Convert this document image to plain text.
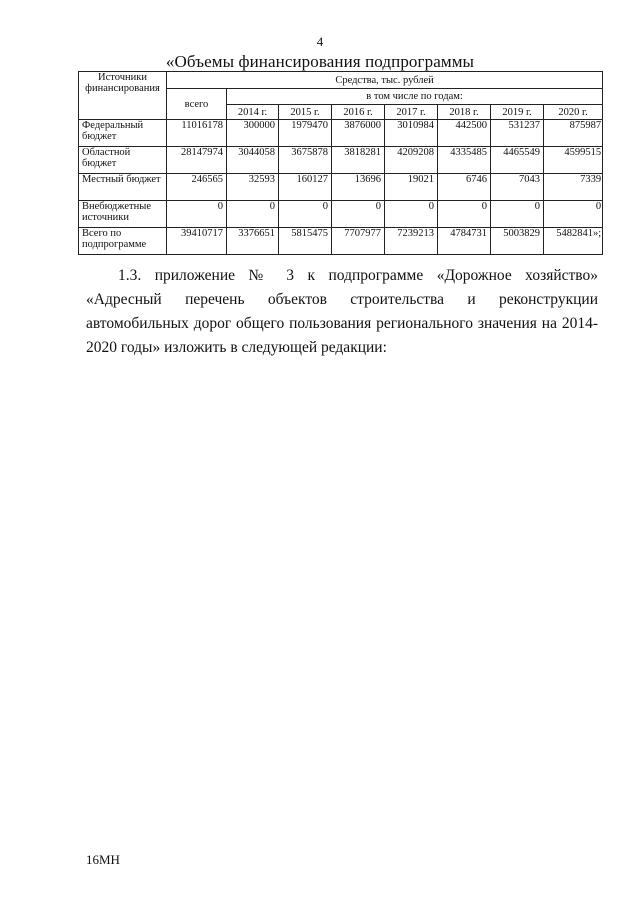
4
«Объемы финансирования подпрограммы
Источники финансирования	Средства, тыс. рублей							
	всего	в том числе по годам:						
		2014 г.	2015 г.	2016 г.	2017 г.	2018 г.	2019 г.	2020 г.
Федеральный бюджет	11016178	300000	1979470	3876000	3010984	442500	531237	875987
Областной бюджет	28147974	3044058	3675878	3818281	4209208	4335485	4465549	4599515
Местный бюджет	246565	32593	160127	13696	19021	6746	7043	7339
Внебюджетные источники	0	0	0	0	0	0	0	0
Всего по подпрограмме	39410717	3376651	5815475	7707977	7239213	4784731	5003829	5482841»;

1.3. приложение № 3 к подпрограмме «Дорожное хозяйство» «Адресный перечень объектов строительства и реконструкции автомобильных дорог общего пользования регионального значения на 2014-2020 годы» изложить в следующей редакции:

16МН
